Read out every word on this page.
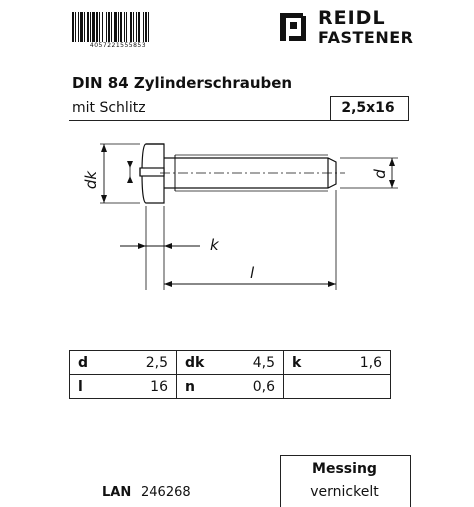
4057221555853
REIDL
FASTENER
DIN 84 Zylinderschrauben
mit Schlitz	2,5x16
dk	d
k
l
d	2,5	dk	4,5	k	1,6
l	16	n	0,6		
Messing
vernickelt
LAN 246268
